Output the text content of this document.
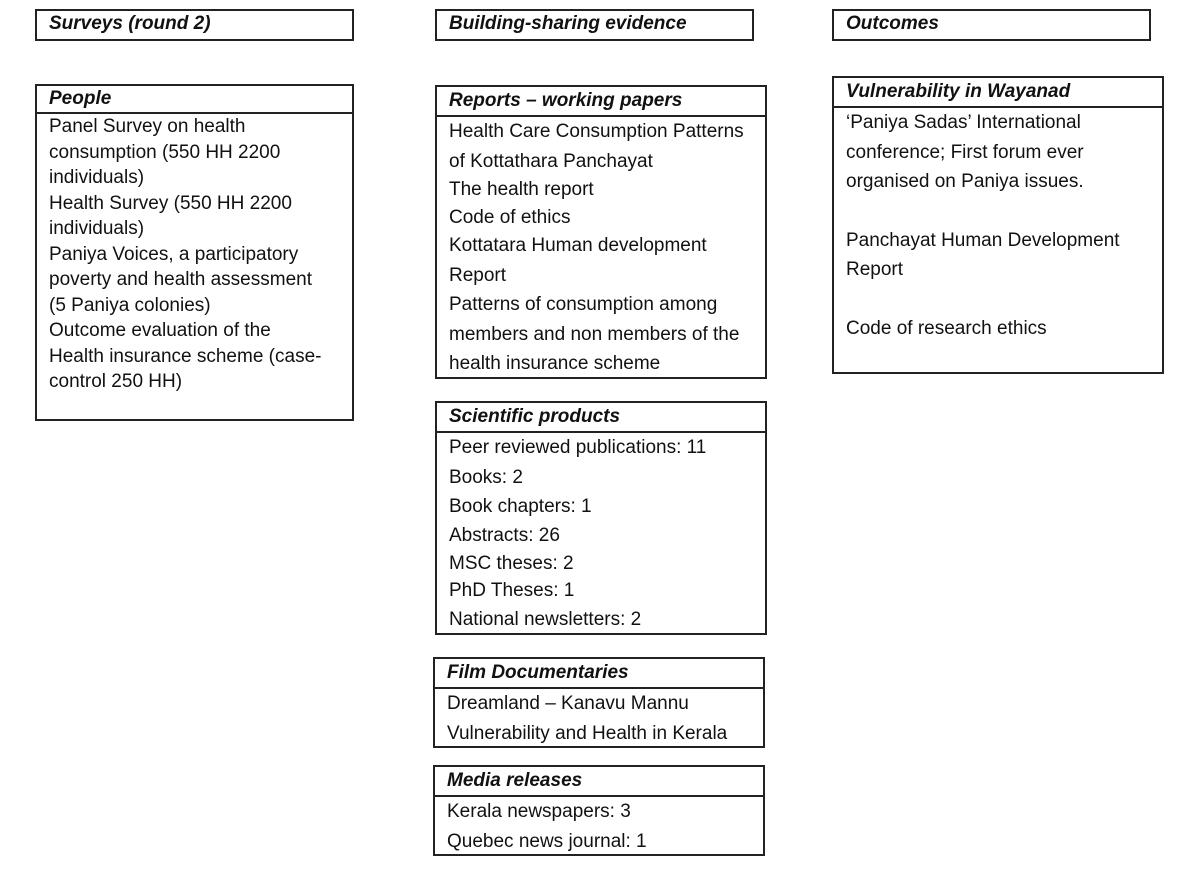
Surveys (round 2)	Building-sharing evidence	Outcomes
People
Panel Survey on health
consumption (550 HH 2200
individuals)
Health Survey (550 HH 2200
individuals)
Paniya Voices, a participatory
poverty and health assessment
(5 Paniya colonies)
Outcome evaluation of the
Health insurance scheme (case-
control 250 HH)
Reports – working papers
Health Care Consumption Patterns
of Kottathara Panchayat
The health report
Code of ethics
Kottatara Human development
Report
Patterns of consumption among
members and non members of the
health insurance scheme
Scientific products
Peer reviewed publications: 11
Books: 2
Book chapters: 1
Abstracts: 26
MSC theses: 2
PhD Theses: 1
National newsletters: 2
Film Documentaries
Dreamland – Kanavu Mannu
Vulnerability and Health in Kerala
Media releases
Kerala newspapers: 3
Quebec news journal: 1
Vulnerability in Wayanad
‘Paniya Sadas’ International
conference; First forum ever
organised on Paniya issues.
Panchayat Human Development
Report
Code of research ethics
